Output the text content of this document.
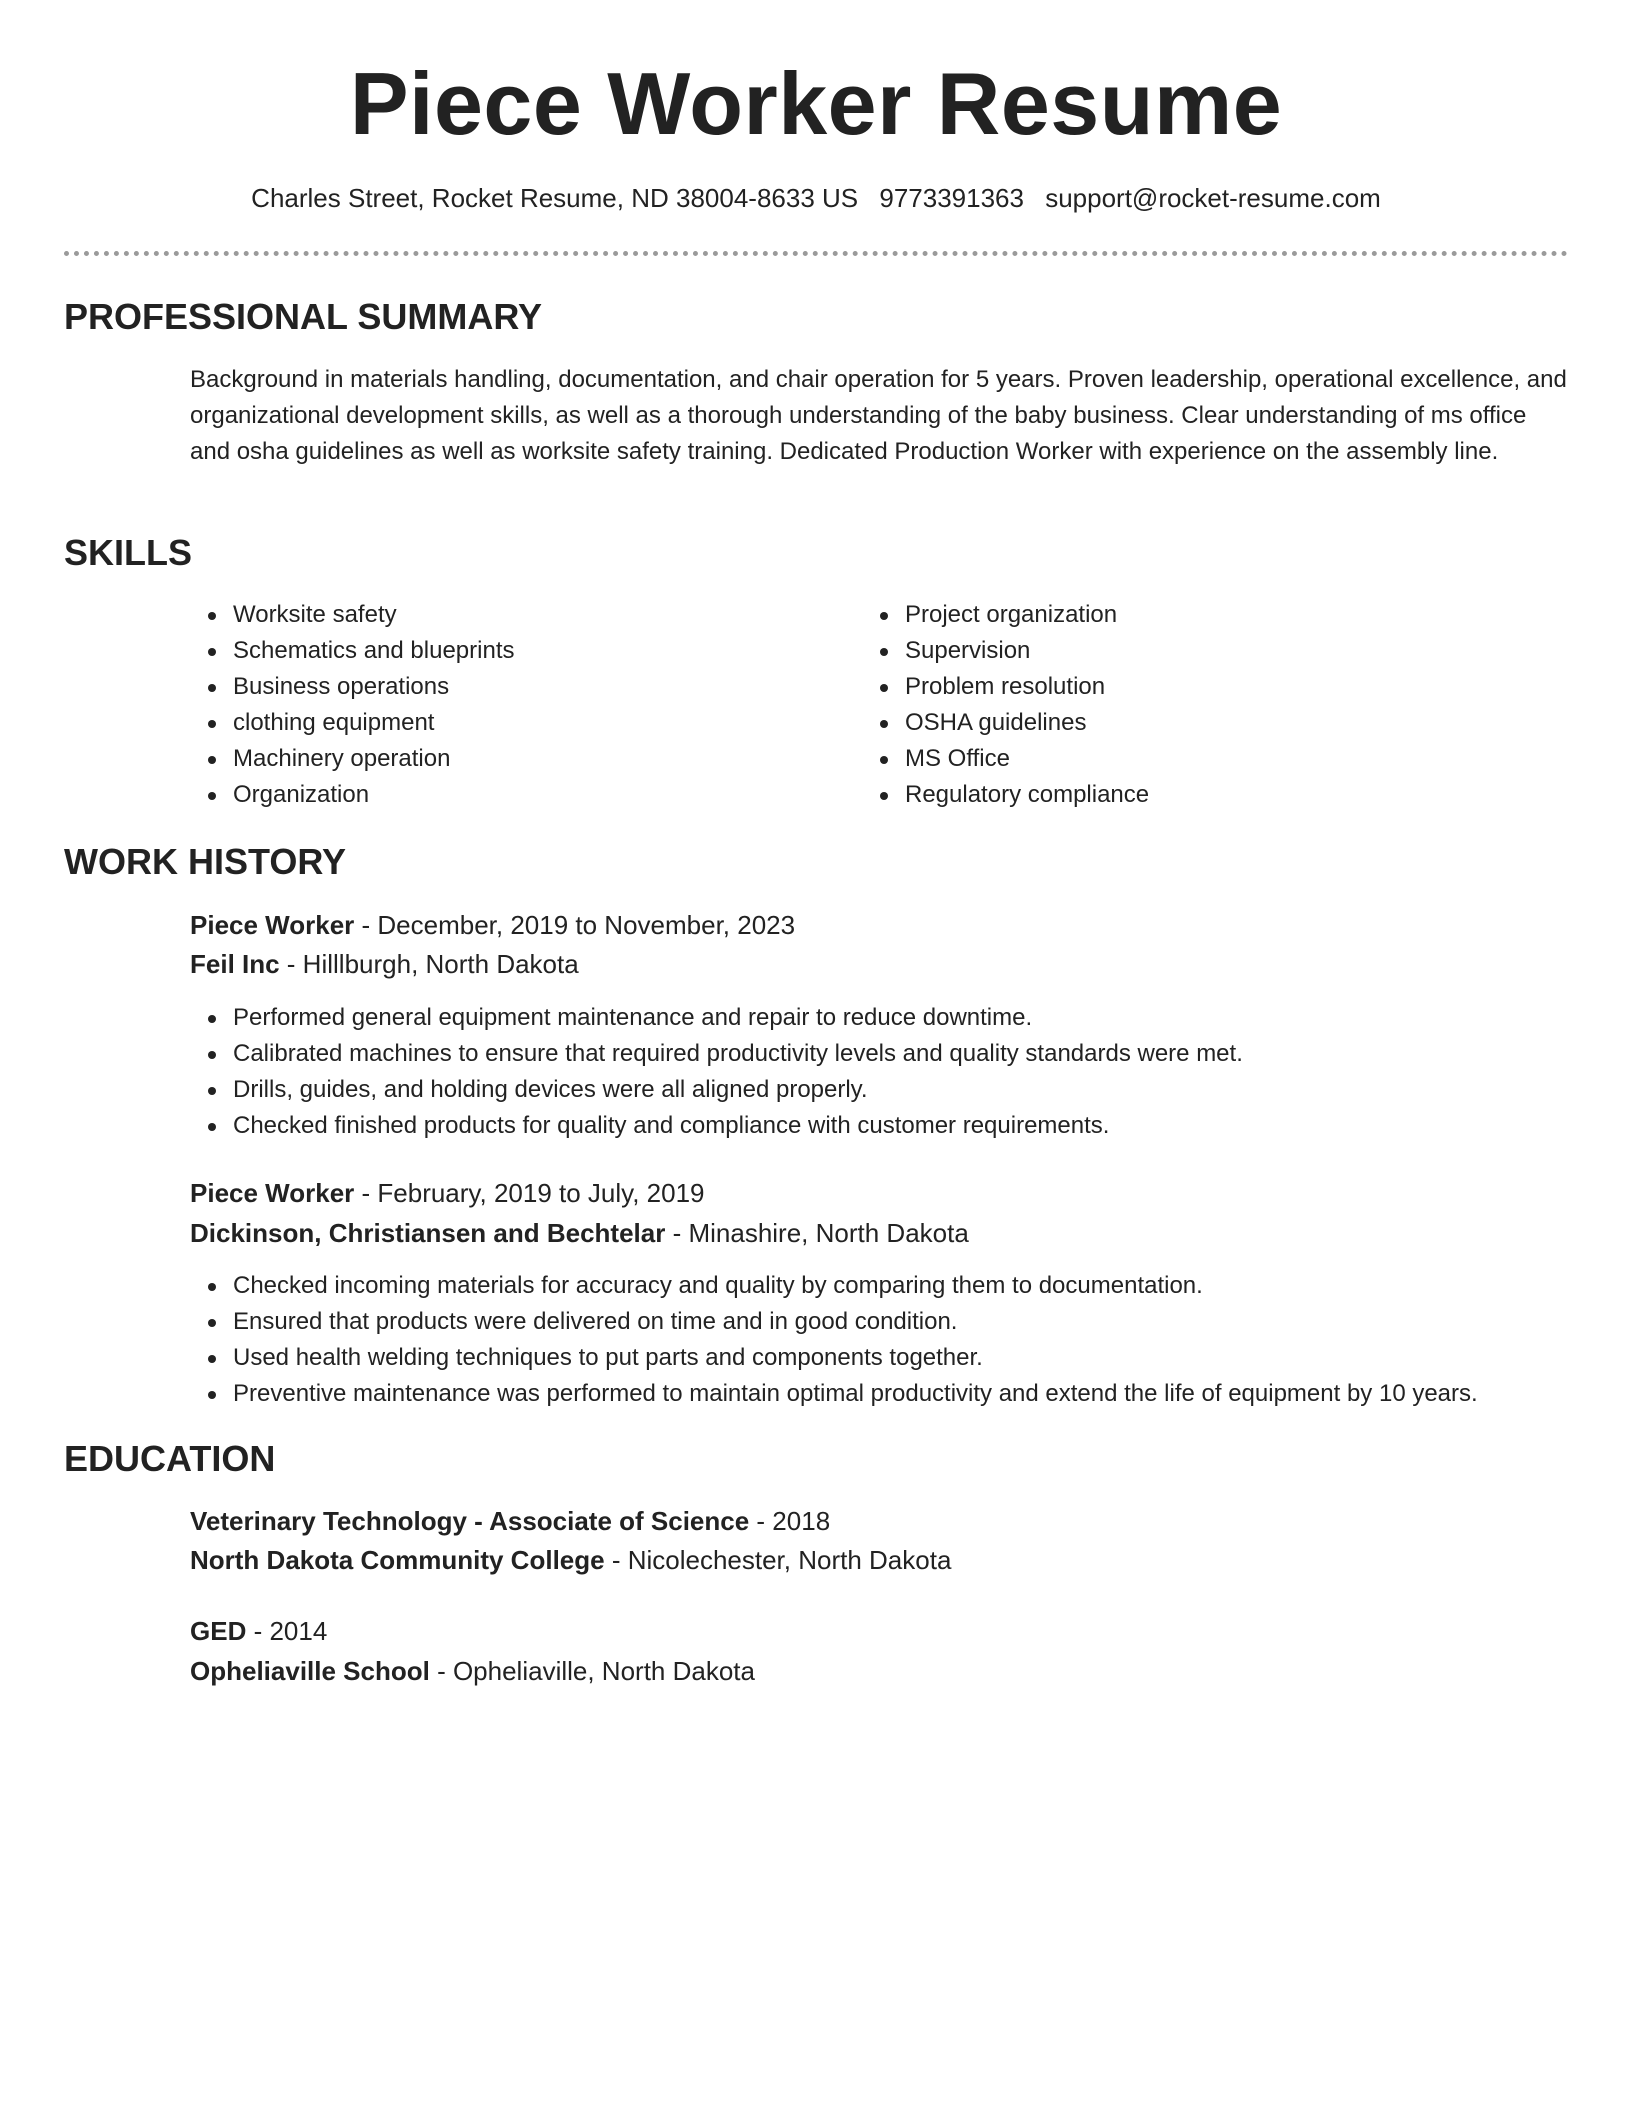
Piece Worker Resume
Charles Street, Rocket Resume, ND 38004-8633 US 9773391363 support@rocket-resume.com
PROFESSIONAL SUMMARY

Background in materials handling, documentation, and chair operation for 5 years. Proven leadership, operational excellence, and organizational development skills, as well as a thorough understanding of the baby business. Clear understanding of ms office and osha guidelines as well as worksite safety training. Dedicated Production Worker with experience on the assembly line.

SKILLS
Worksite safety
Schematics and blueprints
Business operations
clothing equipment
Machinery operation
Organization
Project organization
Supervision
Problem resolution
OSHA guidelines
MS Office
Regulatory compliance
WORK HISTORY
Piece Worker - December, 2019 to November, 2023
Feil Inc - Hilllburgh, North Dakota
Performed general equipment maintenance and repair to reduce downtime.
Calibrated machines to ensure that required productivity levels and quality standards were met.
Drills, guides, and holding devices were all aligned properly.
Checked finished products for quality and compliance with customer requirements.
Piece Worker - February, 2019 to July, 2019
Dickinson, Christiansen and Bechtelar - Minashire, North Dakota
Checked incoming materials for accuracy and quality by comparing them to documentation.
Ensured that products were delivered on time and in good condition.
Used health welding techniques to put parts and components together.
Preventive maintenance was performed to maintain optimal productivity and extend the life of equipment by 10 years.
EDUCATION
Veterinary Technology - Associate of Science - 2018
North Dakota Community College - Nicolechester, North Dakota
GED - 2014
Opheliaville School - Opheliaville, North Dakota
